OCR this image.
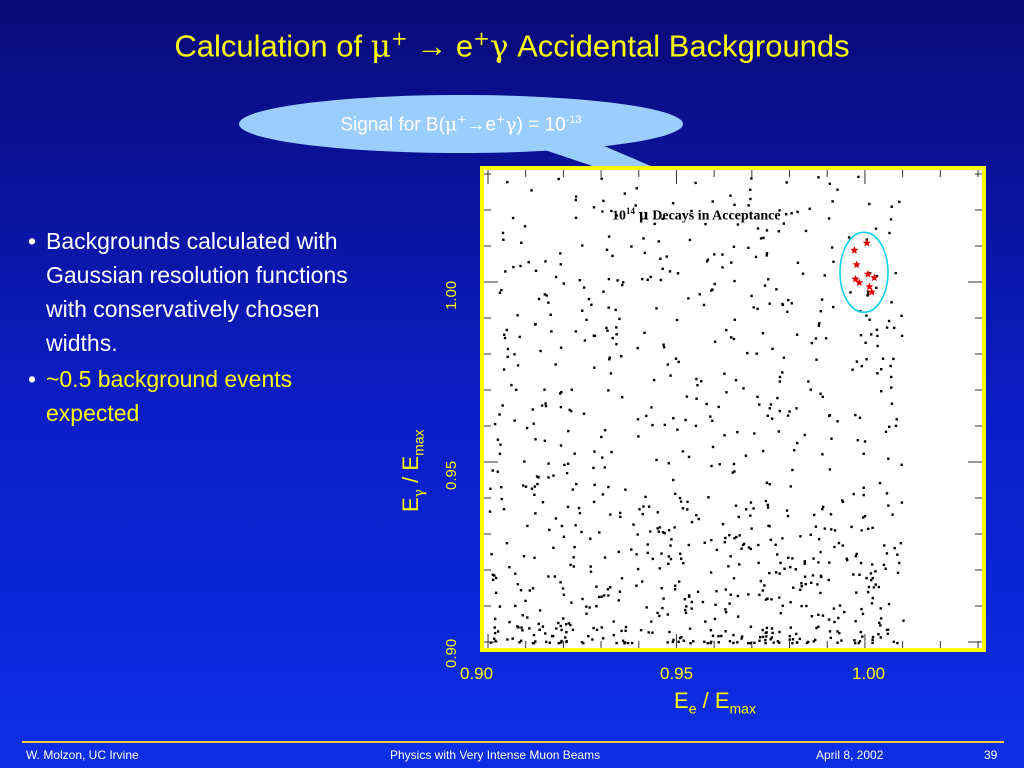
Calculation of μ+ → e+γ Accidental Backgrounds
Signal for $B(\mu^+\to e^+\gamma) = 10^{-13}$
• Backgrounds calculated with Gaussian resolution functions with conservatively chosen widths.
• ~0.5 background events expected
$10^{14}$ μ Decays in Acceptance
1.00
0.95
0.90
$E_\gamma / E_{max}$
0.90	0.95	1.00
$E_e / E_{max}$
W. Molzon, UC Irvine	Physics with Very Intense Muon Beams	April 8, 2002	39
